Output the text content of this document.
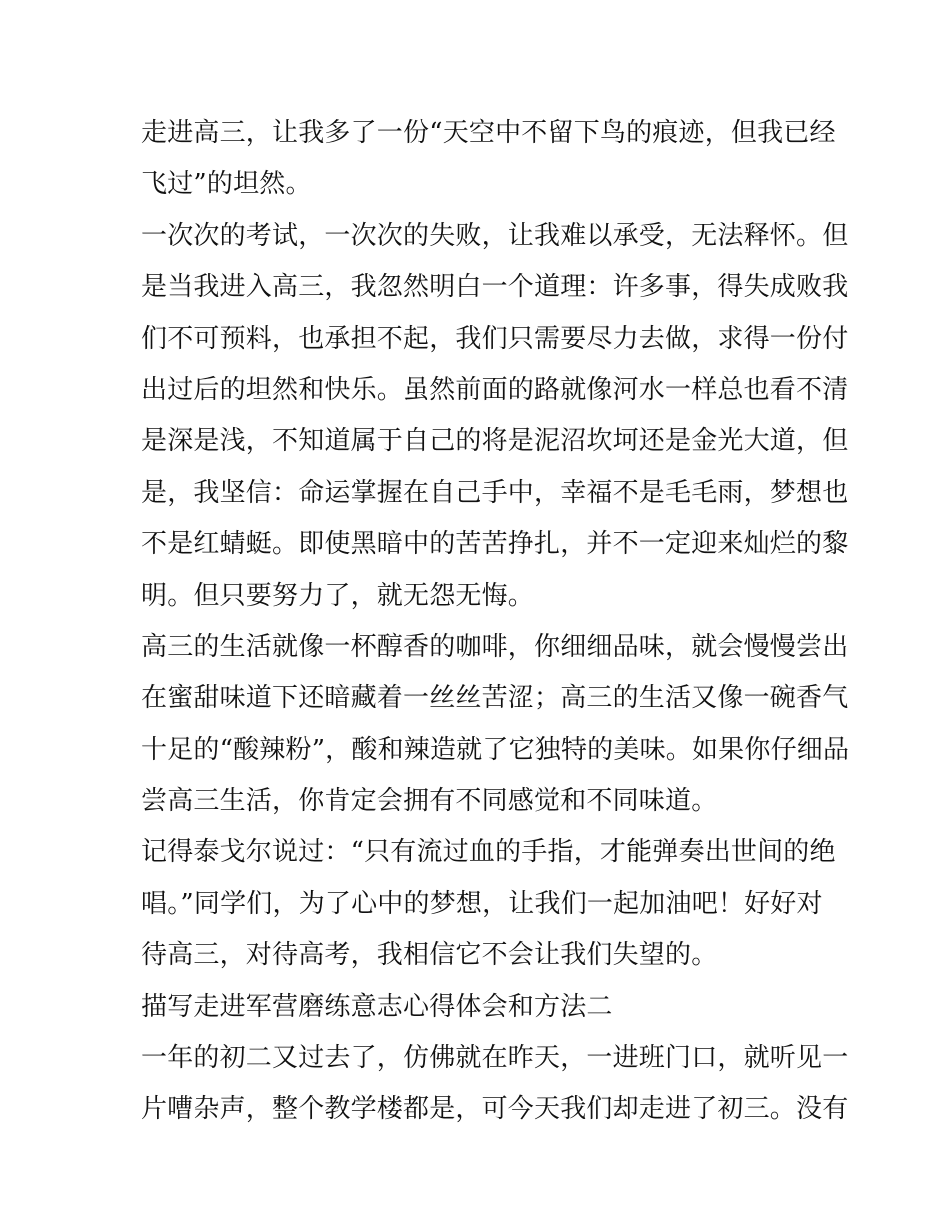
走进高三，让我多了一份“天空中不留下鸟的痕迹，但我已经
飞过”的坦然。

一次次的考试，一次次的失败，让我难以承受，无法释怀。但
是当我进入高三，我忽然明白一个道理：许多事，得失成败我
们不可预料，也承担不起，我们只需要尽力去做，求得一份付
出过后的坦然和快乐。虽然前面的路就像河水一样总也看不清
是深是浅，不知道属于自己的将是泥沼坎坷还是金光大道，但
是，我坚信：命运掌握在自己手中，幸福不是毛毛雨，梦想也
不是红蜻蜓。即使黑暗中的苦苦挣扎，并不一定迎来灿烂的黎
明。但只要努力了，就无怨无悔。

高三的生活就像一杯醇香的咖啡，你细细品味，就会慢慢尝出
在蜜甜味道下还暗藏着一丝丝苦涩；高三的生活又像一碗香气
十足的“酸辣粉”，酸和辣造就了它独特的美味。如果你仔细品
尝高三生活，你肯定会拥有不同感觉和不同味道。

记得泰戈尔说过：“只有流过血的手指，才能弹奏出世间的绝
唱。”同学们，为了心中的梦想，让我们一起加油吧！好好对
待高三，对待高考，我相信它不会让我们失望的。

描写走进军营磨练意志心得体会和方法二

一年的初二又过去了，仿佛就在昨天，一进班门口，就听见一
片嘈杂声，整个教学楼都是，可今天我们却走进了初三。没有
